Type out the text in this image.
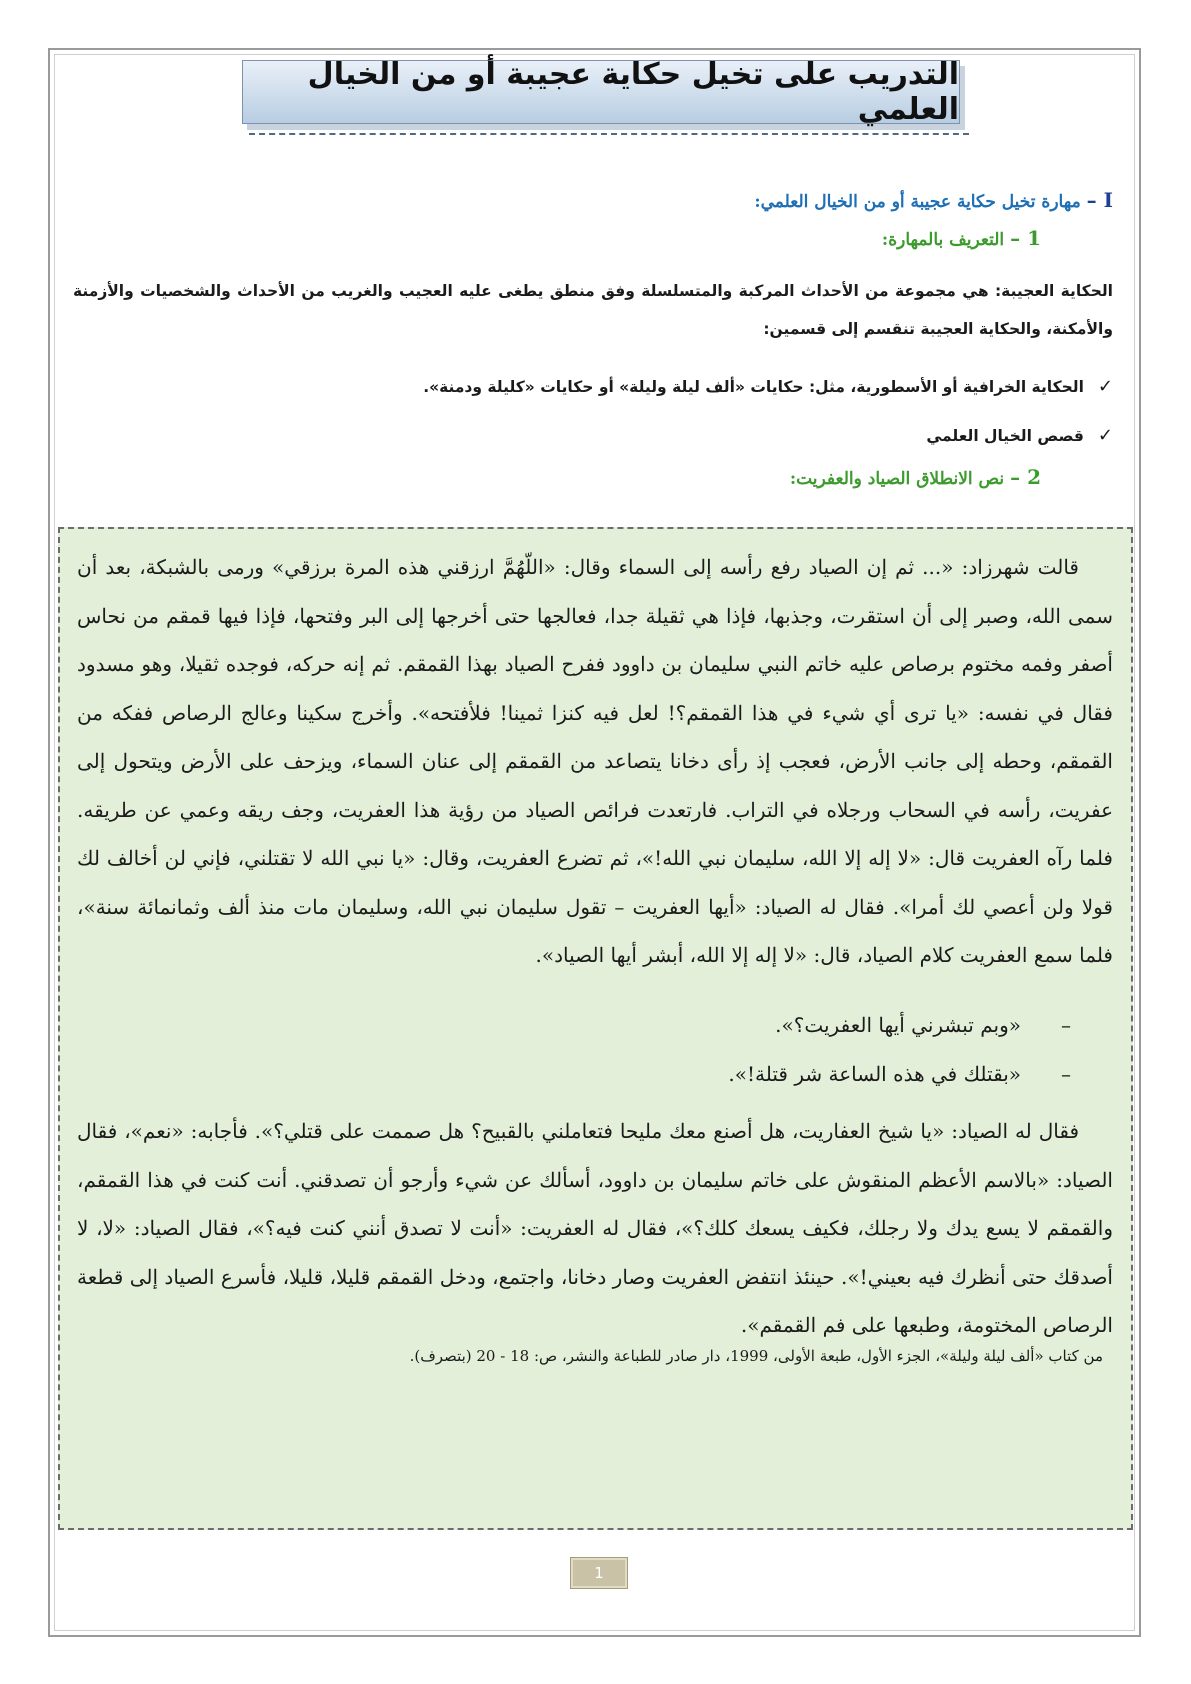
التدريب على تخيل حكاية عجيبة أو من الخيال العلمي
I –مهارة تخيل حكاية عجيبة أو من الخيال العلمي:
1 –التعريف بالمهارة:
الحكاية العجيبة: هي مجموعة من الأحداث المركبة والمتسلسلة وفق منطق يطغى عليه العجيب والغريب من الأحداث والشخصيات والأزمنة والأمكنة، والحكاية العجيبة تنقسم إلى قسمين:
✓الحكاية الخرافية أو الأسطورية، مثل: حكايات «ألف ليلة وليلة» أو حكايات «كليلة ودمنة».
✓قصص الخيال العلمي
2 –نص الانطلاق الصياد والعفريت:
قالت شهرزاد: «... ثم إن الصياد رفع رأسه إلى السماء وقال: «اللّهُمَّ ارزقني هذه المرة برزقي» ورمى بالشبكة، بعد أن سمى الله، وصبر إلى أن استقرت، وجذبها، فإذا هي ثقيلة جدا، فعالجها حتى أخرجها إلى البر وفتحها، فإذا فيها قمقم من نحاس أصفر وفمه مختوم برصاص عليه خاتم النبي سليمان بن داوود ففرح الصياد بهذا القمقم. ثم إنه حركه، فوجده ثقيلا، وهو مسدود فقال في نفسه: «يا ترى أي شيء في هذا القمقم؟! لعل فيه كنزا ثمينا! فلأفتحه». وأخرج سكينا وعالج الرصاص ففكه من القمقم، وحطه إلى جانب الأرض، فعجب إذ رأى دخانا يتصاعد من القمقم إلى عنان السماء، ويزحف على الأرض ويتحول إلى عفريت، رأسه في السحاب ورجلاه في التراب. فارتعدت فرائص الصياد من رؤية هذا العفريت، وجف ريقه وعمي عن طريقه. فلما رآه العفريت قال: «لا إله إلا الله، سليمان نبي الله!»، ثم تضرع العفريت، وقال: «يا نبي الله لا تقتلني، فإني لن أخالف لك قولا ولن أعصي لك أمرا». فقال له الصياد: «أيها العفريت – تقول سليمان نبي الله، وسليمان مات منذ ألف وثمانمائة سنة»، فلما سمع العفريت كلام الصياد، قال: «لا إله إلا الله، أبشر أيها الصياد».
–«وبم تبشرني أيها العفريت؟».
–«بقتلك في هذه الساعة شر قتلة!».
فقال له الصياد: «يا شيخ العفاريت، هل أصنع معك مليحا فتعاملني بالقبيح؟ هل صممت على قتلي؟». فأجابه: «نعم»، فقال الصياد: «بالاسم الأعظم المنقوش على خاتم سليمان بن داوود، أسألك عن شيء وأرجو أن تصدقني. أنت كنت في هذا القمقم، والقمقم لا يسع يدك ولا رجلك، فكيف يسعك كلك؟»، فقال له العفريت: «أنت لا تصدق أنني كنت فيه؟»، فقال الصياد: «لا، لا أصدقك حتى أنظرك فيه بعيني!». حينئذ انتفض العفريت وصار دخانا، واجتمع، ودخل القمقم قليلا، قليلا، فأسرع الصياد إلى قطعة الرصاص المختومة، وطبعها على فم القمقم».
من كتاب «ألف ليلة وليلة»، الجزء الأول، طبعة الأولى، 1999، دار صادر للطباعة والنشر، ص: 18 - 20 (بتصرف).
1
